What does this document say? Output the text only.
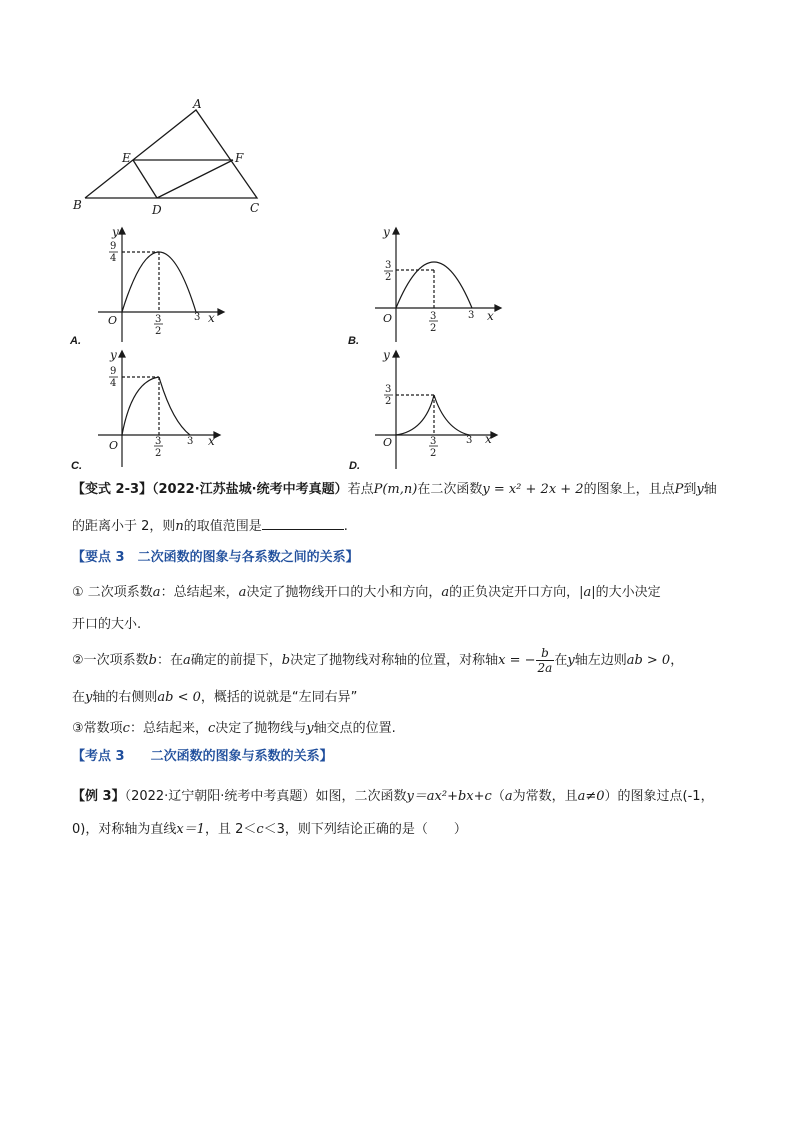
A
B	C
D
E	F
y
x
O
9
4
3
2
3
A.
y
x
O
3
2
3
2
3
B.
y
x
O
9
4
3
2
3
C.
y
x
O
3
2
3
2
3
D.
【变式 2-3】（2022·江苏盐城·统考中考真题）若点P(m,n)在二次函数y = x² + 2x + 2的图象上，且点P到y轴
的距离小于 2，则n的取值范围是	.
【要点 3　二次函数的图象与各系数之间的关系】
① 二次项系数a：总结起来，a决定了抛物线开口的大小和方向，a的正负决定开口方向，|a|的大小决定
开口的大小.
②一次项系数b：在a确定的前提下，b决定了抛物线对称轴的位置，对称轴x = − $\frac{b}{2a}$ 在y轴左边则ab > 0，
在y轴的右侧则ab < 0，概括的说就是“左同右异”
③常数项c：总结起来，c决定了抛物线与y轴交点的位置.
【考点 3　　二次函数的图象与系数的关系】
【例 3】（2022·辽宁朝阳·统考中考真题）如图，二次函数y＝ax²+bx+c（a为常数，且a≠0）的图象过点(-1，
0)，对称轴为直线x＝1，且 2＜c＜3，则下列结论正确的是（　　）
